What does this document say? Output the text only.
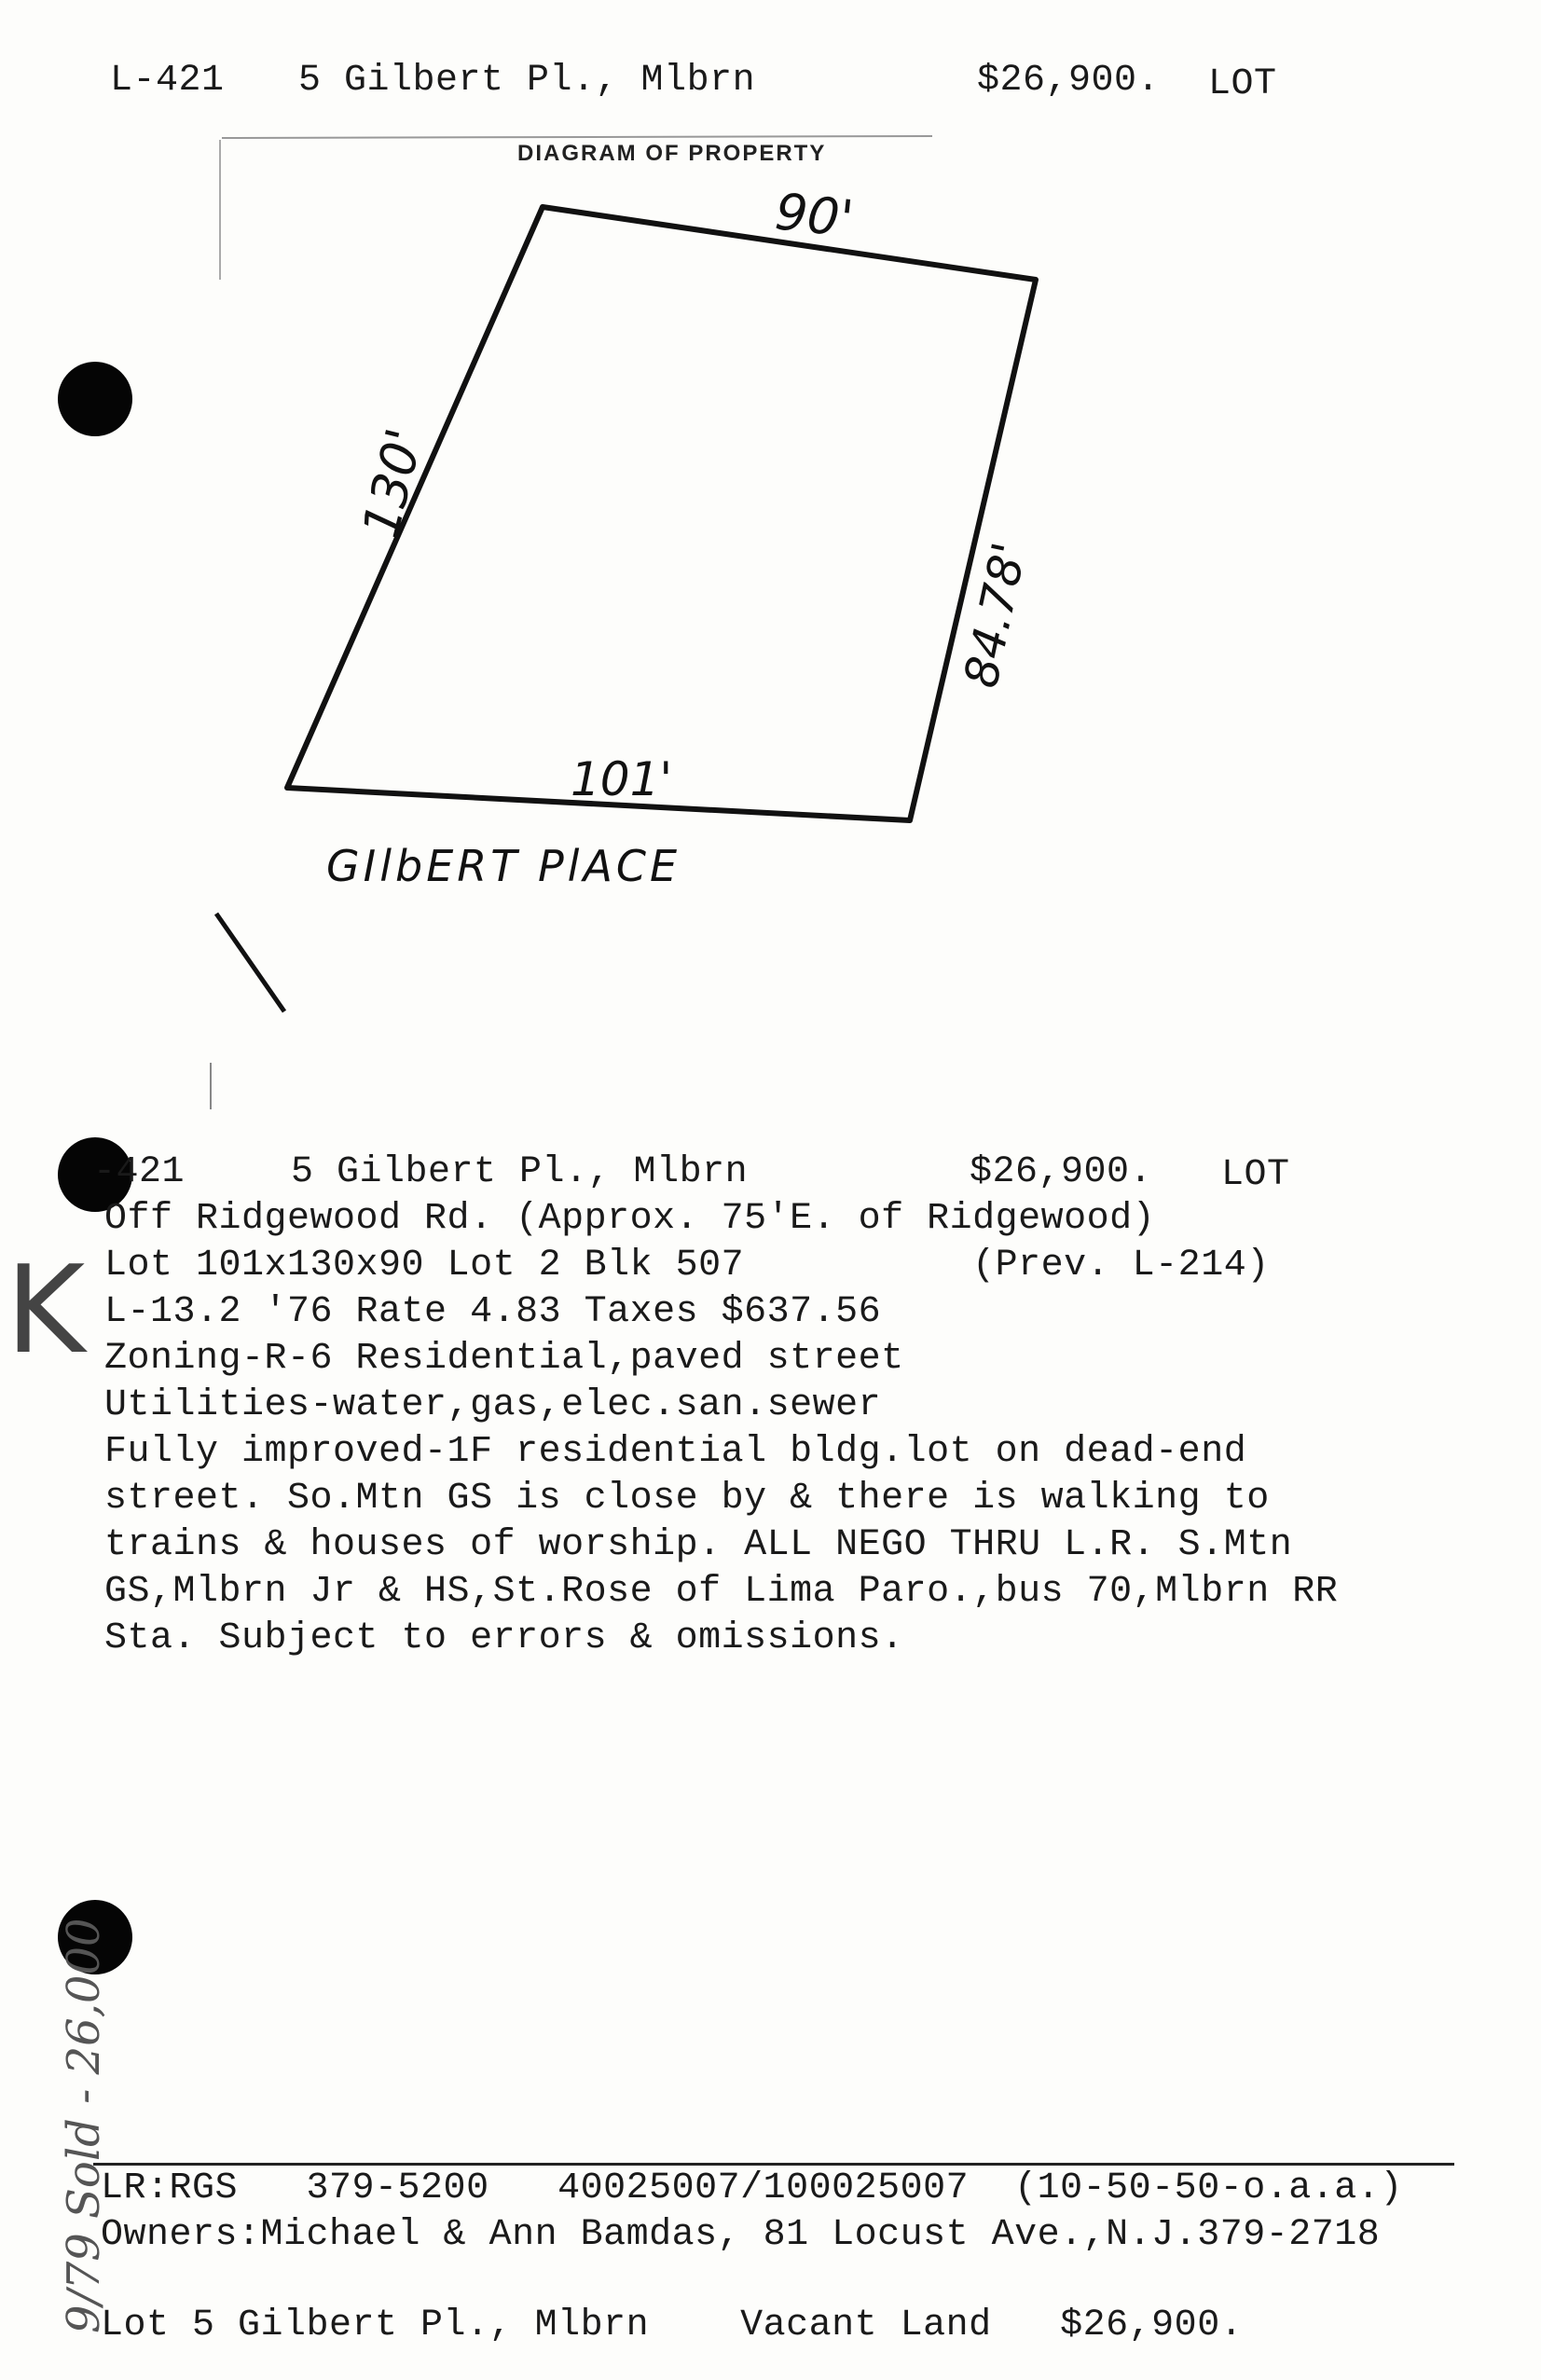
L-421 5 Gilbert Pl., Mlbrn	$26,900. LOT
DIAGRAM OF PROPERTY
90'
130'
84.78'
101'
GIlbERT PlACE
K
9/79 Sold - 26,000
-421	5 Gilbert Pl., Mlbrn	$26,900. LOT
Off Ridgewood Rd. (Approx. 75'E. of Ridgewood)
Lot 101x130x90 Lot 2 Blk 507          (Prev. L-214)
L-13.2 '76 Rate 4.83 Taxes $637.56
Zoning-R-6 Residential,paved street
Utilities-water,gas,elec.san.sewer
Fully improved-1F residential bldg.lot on dead-end
street. So.Mtn GS is close by & there is walking to
trains & houses of worship. ALL NEGO THRU L.R. S.Mtn
GS,Mlbrn Jr & HS,St.Rose of Lima Paro.,bus 70,Mlbrn RR
Sta. Subject to errors & omissions.
LR:RGS   379-5200   40025007/100025007  (10-50-50-o.a.a.)
Owners:Michael & Ann Bamdas, 81 Locust Ave.,N.J.379-2718
Lot 5 Gilbert Pl., Mlbrn    Vacant Land   $26,900.
